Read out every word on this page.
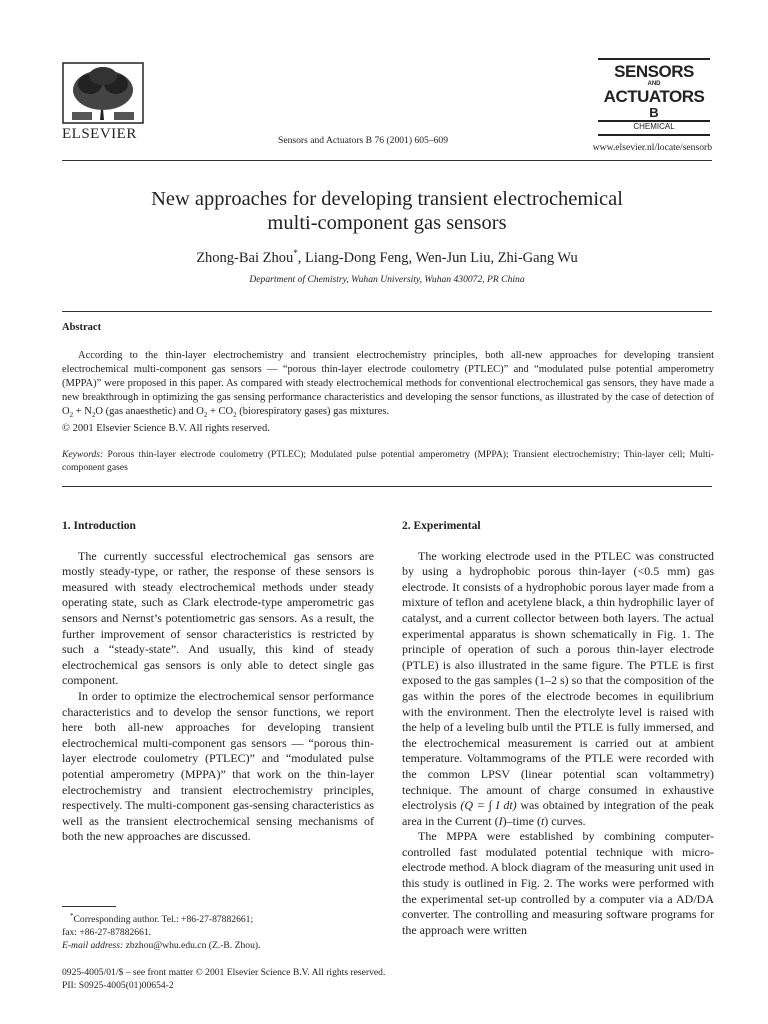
ELSEVIER	Sensors and Actuators B 76 (2001) 605–609
SENSORS
AND
ACTUATORS
B
CHEMICAL
www.elsevier.nl/locate/sensorb
New approaches for developing transient electrochemical
multi-component gas sensors
Zhong-Bai Zhou*, Liang-Dong Feng, Wen-Jun Liu, Zhi-Gang Wu
Department of Chemistry, Wuhan University, Wuhan 430072, PR China
Abstract

According to the thin-layer electrochemistry and transient electrochemistry principles, both all-new approaches for developing transient electrochemical multi-component gas sensors — “porous thin-layer electrode coulometry (PTLEC)” and “modulated pulse potential amperometry (MPPA)” were proposed in this paper. As compared with steady electrochemical methods for conventional electrochemical gas sensors, they have made a new breakthrough in optimizing the gas sensing performance characteristics and developing the sensor functions, as illustrated by the case of detection of $O_2 + N_2O$ (gas anaesthetic) and $O_2 + CO_2$ (biorespiratory gases) gas mixtures.

© 2001 Elsevier Science B.V. All rights reserved.

Keywords: Porous thin-layer electrode coulometry (PTLEC); Modulated pulse potential amperometry (MPPA); Transient electrochemistry; Thin-layer cell; Multi-component gases
1. Introduction

The currently successful electrochemical gas sensors are mostly steady-type, or rather, the response of these sensors is measured with steady electrochemical methods under steady operating state, such as Clark electrode-type amperometric gas sensors and Nernst’s potentiometric gas sensors. As a result, the further improvement of sensor characteristics is restricted by such a “steady-state”. And usually, this kind of steady electrochemical gas sensors is only able to detect single gas component.

In order to optimize the electrochemical sensor performance characteristics and to develop the sensor functions, we report here both all-new approaches for developing transient electrochemical multi-component gas sensors — “porous thin-layer electrode coulometry (PTLEC)” and “modulated pulse potential amperometry (MPPA)” that work on the thin-layer electrochemistry and transient electrochemistry principles, respectively. The multi-component gas-sensing characteristics as well as the transient electrochemical sensing mechanisms of both the new approaches are discussed.

2. Experimental

The working electrode used in the PTLEC was constructed by using a hydrophobic porous thin-layer (<0.5 mm) gas electrode. It consists of a hydrophobic porous layer made from a mixture of teflon and acetylene black, a thin hydrophilic layer of catalyst, and a current collector between both layers. The actual experimental apparatus is shown schematically in Fig. 1. The principle of operation of such a porous thin-layer electrode (PTLE) is also illustrated in the same figure. The PTLE is first exposed to the gas samples (1–2 s) so that the composition of the gas within the pores of the electrode becomes in equilibrium with the environment. Then the electrolyte level is raised with the help of a leveling bulb until the PTLE is fully immersed, and the electrochemical measurement is carried out at ambient temperature. Voltammograms of the PTLE were recorded with the common LPSV (linear potential scan voltammetry) technique. The amount of charge consumed in exhaustive electrolysis (Q = ∫ I dt) was obtained by integration of the peak area in the Current (I)–time (t) curves.

The MPPA were established by combining computer-controlled fast modulated potential technique with micro-electrode method. A block diagram of the measuring unit used in this study is outlined in Fig. 2. The works were performed with the experimental set-up controlled by a computer via a AD/DA converter. The controlling and measuring software programs for the approach were written

*Corresponding author. Tel.: +86-27-87882661;
fax: +86-27-87882661.
E-mail address: zbzhou@whu.edu.cn (Z.-B. Zhou).
0925-4005/01/$ – see front matter © 2001 Elsevier Science B.V. All rights reserved.
PII: S0925-4005(01)00654-2
